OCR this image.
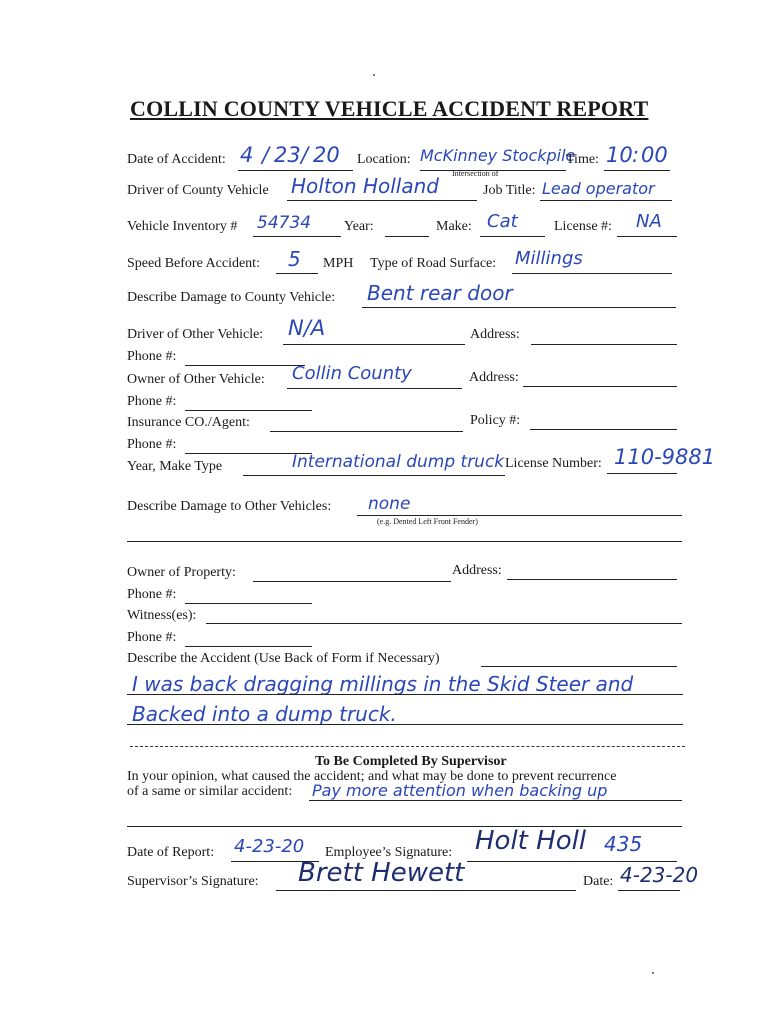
COLLIN COUNTY VEHICLE ACCIDENT REPORT
Date of Accident: 4 / 23 / 20 Location: McKinney Stockpile
Intersection of
Time: 10 : 00
Driver of County Vehicle Holton Holland	Job Title: Lead operator
Vehicle Inventory # 54734 Year:	Make: Cat	License #: NA
Speed Before Accident: 5 MPH Type of Road Surface: Millings
Describe Damage to County Vehicle: Bent rear door
Driver of Other Vehicle: N/A	Address:
Phone #:
Owner of Other Vehicle: Collin County	Address:
Phone #:
Insurance CO./Agent:	Policy #:
Phone #:
Year, Make Type	International dump truck License Number: 110-9881
Describe Damage to Other Vehicles: none
(e.g. Dented Left Front Fender)
Owner of Property:	Address:
Phone #:
Witness(es):
Phone #:
Describe the Accident (Use Back of Form if Necessary)
I was back dragging millings in the Skid Steer and
Backed into a dump truck.
To Be Completed By Supervisor
In your opinion, what caused the accident; and what may be done to prevent recurrence
of a same or similar accident: Pay more attention when backing up
Date of Report: 4-23-20 Employee’s Signature: Holt Holl 435
Supervisor’s Signature: Brett Hewett	Date: 4-23-20
